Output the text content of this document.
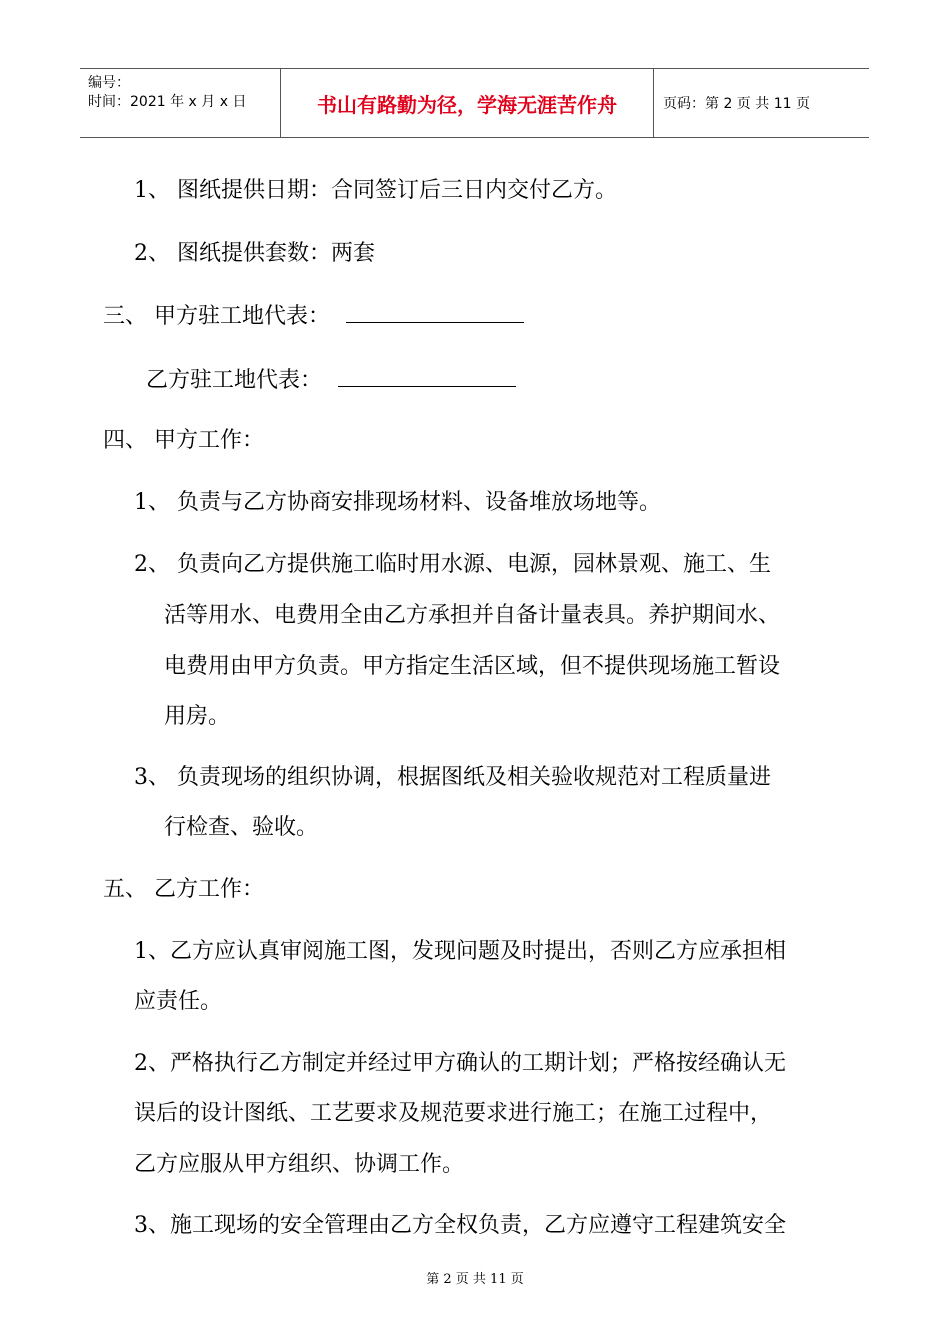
编号：
时间：2021 年 x 月 x 日	书山有路勤为径，学海无涯苦作舟	页码：第 2 页 共 11 页
1、 图纸提供日期：合同签订后三日内交付乙方。
2、 图纸提供套数：两套
三、 甲方驻工地代表：
乙方驻工地代表：
四、 甲方工作：
1、 负责与乙方协商安排现场材料、设备堆放场地等。
2、 负责向乙方提供施工临时用水源、电源，园林景观、施工、生
活等用水、电费用全由乙方承担并自备计量表具。养护期间水、
电费用由甲方负责。甲方指定生活区域，但不提供现场施工暂设
用房。
3、 负责现场的组织协调，根据图纸及相关验收规范对工程质量进
行检查、验收。
五、 乙方工作：
1、乙方应认真审阅施工图，发现问题及时提出，否则乙方应承担相
应责任。
2、严格执行乙方制定并经过甲方确认的工期计划；严格按经确认无
误后的设计图纸、工艺要求及规范要求进行施工；在施工过程中，
乙方应服从甲方组织、协调工作。
3、施工现场的安全管理由乙方全权负责，乙方应遵守工程建筑安全
第 2 页 共 11 页
